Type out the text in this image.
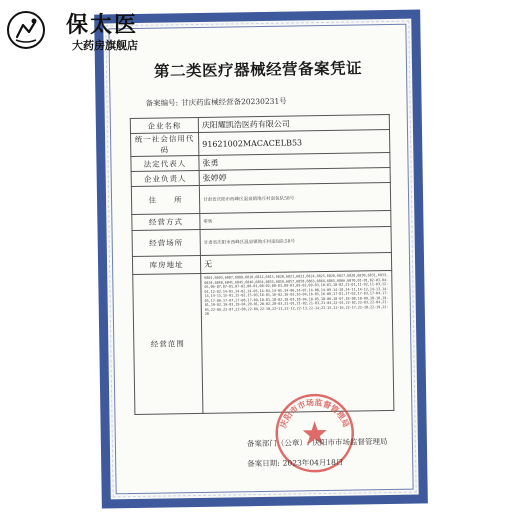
保太医
大药房旗舰店
第二类医疗器械经营备案凭证
备案编号: 甘庆药监械经营备20230231号
企业名称	庆阳耀凯浩医药有限公司
统一社会信用代码	91621002MACACELB53
法定代表人	张勇
企业负责人	张婷婷
住　　所	甘肃省庆阳市西峰区温泉镇地庄村南包队58号
经营方式	零售
经营场所	甘肃省庆阳市西峰区温泉镇地庄村南包队58号
库房地址	无
经营范围	6801,6803,6807,6809,6810,6812,6815,6820,6821,6823,6824,6825,6826,6827,6828,6830,6831,6833,6834,6840,6841,6845,6846,6854,6855,6856,6857,6858,6863,6864,6865,6866,6870,01-01,02-03,04-05,06-07,07-01,07-02,08-01,08-02,08-03,09-01,09-02,09-03,10-01,10-02,11-01,11-02,11-03,12-01,12-02,14-01,14-02,14-03,14-04,14-05,14-06,14-07,14-08,14-09,14-10,14-11,14-12,14-13,14-14,14-15,15-01,15-02,15-03,16-01,16-02,16-03,16-04,16-05,16-06,17-01,17-02,17-03,17-04,17-05,17-06,17-07,17-08,17-09,18-01,18-02,18-03,18-04,18-05,18-06,18-07,18-08,18-09,18-10,19-01,19-02,19-03,19-04,20-01,20-02,20-03,21-01,21-02,21-03,21-04,22-01,22-02,22-03,22-04,22-05,22-06,22-07,22-08,22-09,22-10,22-11,22-12,22-13,22-14,22-15,22-16,22-17,22-18,22-19,22-20
庆阳市市场监督管理局
备案部门（公章）: 庆阳市市场监督管理局
备案日期: 2023年04月18日
